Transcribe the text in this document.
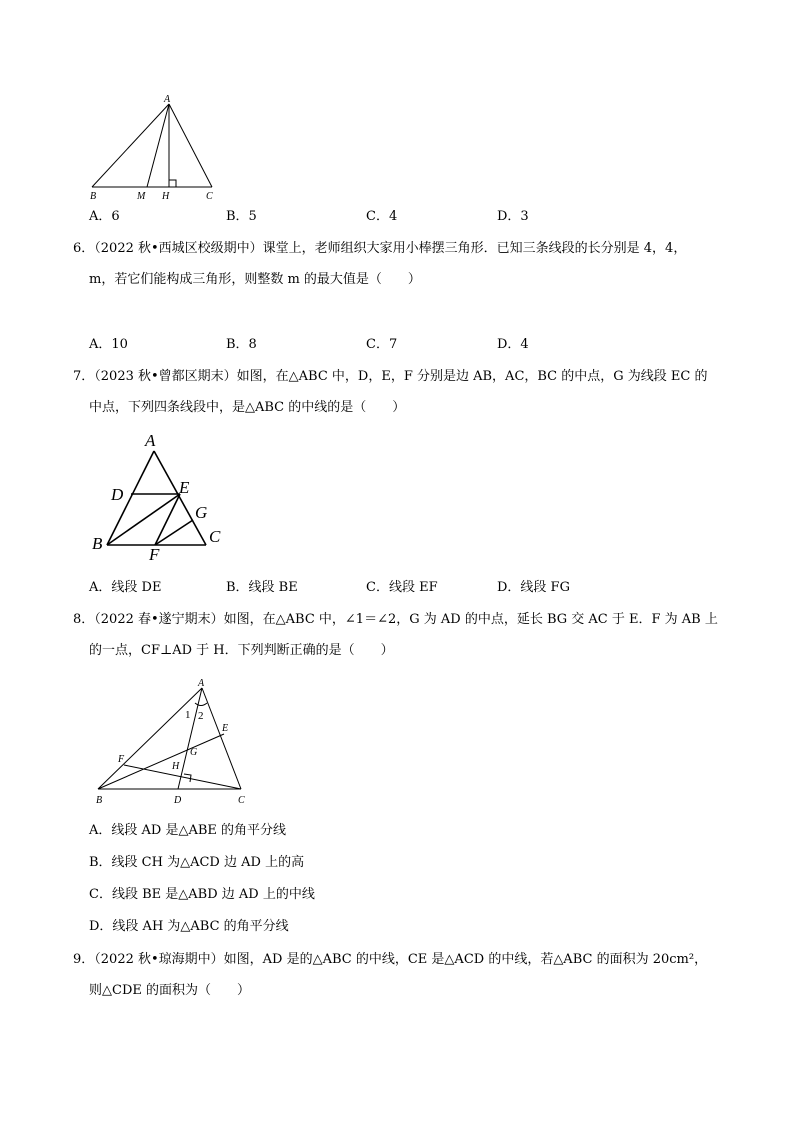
A
B	M H	C
A．6	B．5	C．4	D．3
6．（2022 秋•西城区校级期中）课堂上，老师组织大家用小棒摆三角形．已知三条线段的长分别是 4，4，
m，若它们能构成三角形，则整数 m 的最大值是（　　）
A．10	B．8	C．7	D．4
7．（2023 秋•曾都区期末）如图，在△ABC 中，D，E，F 分别是边 AB，AC，BC 的中点，G 为线段 EC 的
中点，下列四条线段中，是△ABC 的中线的是（　　）
A
D	E
G
B
F
C
A．线段 DE	B．线段 BE	C．线段 EF	D．线段 FG
8．（2022 春•遂宁期末）如图，在△ABC 中，∠1＝∠2，G 为 AD 的中点，延长 BG 交 AC 于 E．F 为 AB 上
的一点，CF⊥AD 于 H．下列判断正确的是（　　）
A
1 2
E
G
F
H
B	D	C
A．线段 AD 是△ABE 的角平分线
B．线段 CH 为△ACD 边 AD 上的高
C．线段 BE 是△ABD 边 AD 上的中线
D．线段 AH 为△ABC 的角平分线
9．（2022 秋•琼海期中）如图，AD 是的△ABC 的中线，CE 是△ACD 的中线，若△ABC 的面积为 20cm²，
则△CDE 的面积为（　　）
